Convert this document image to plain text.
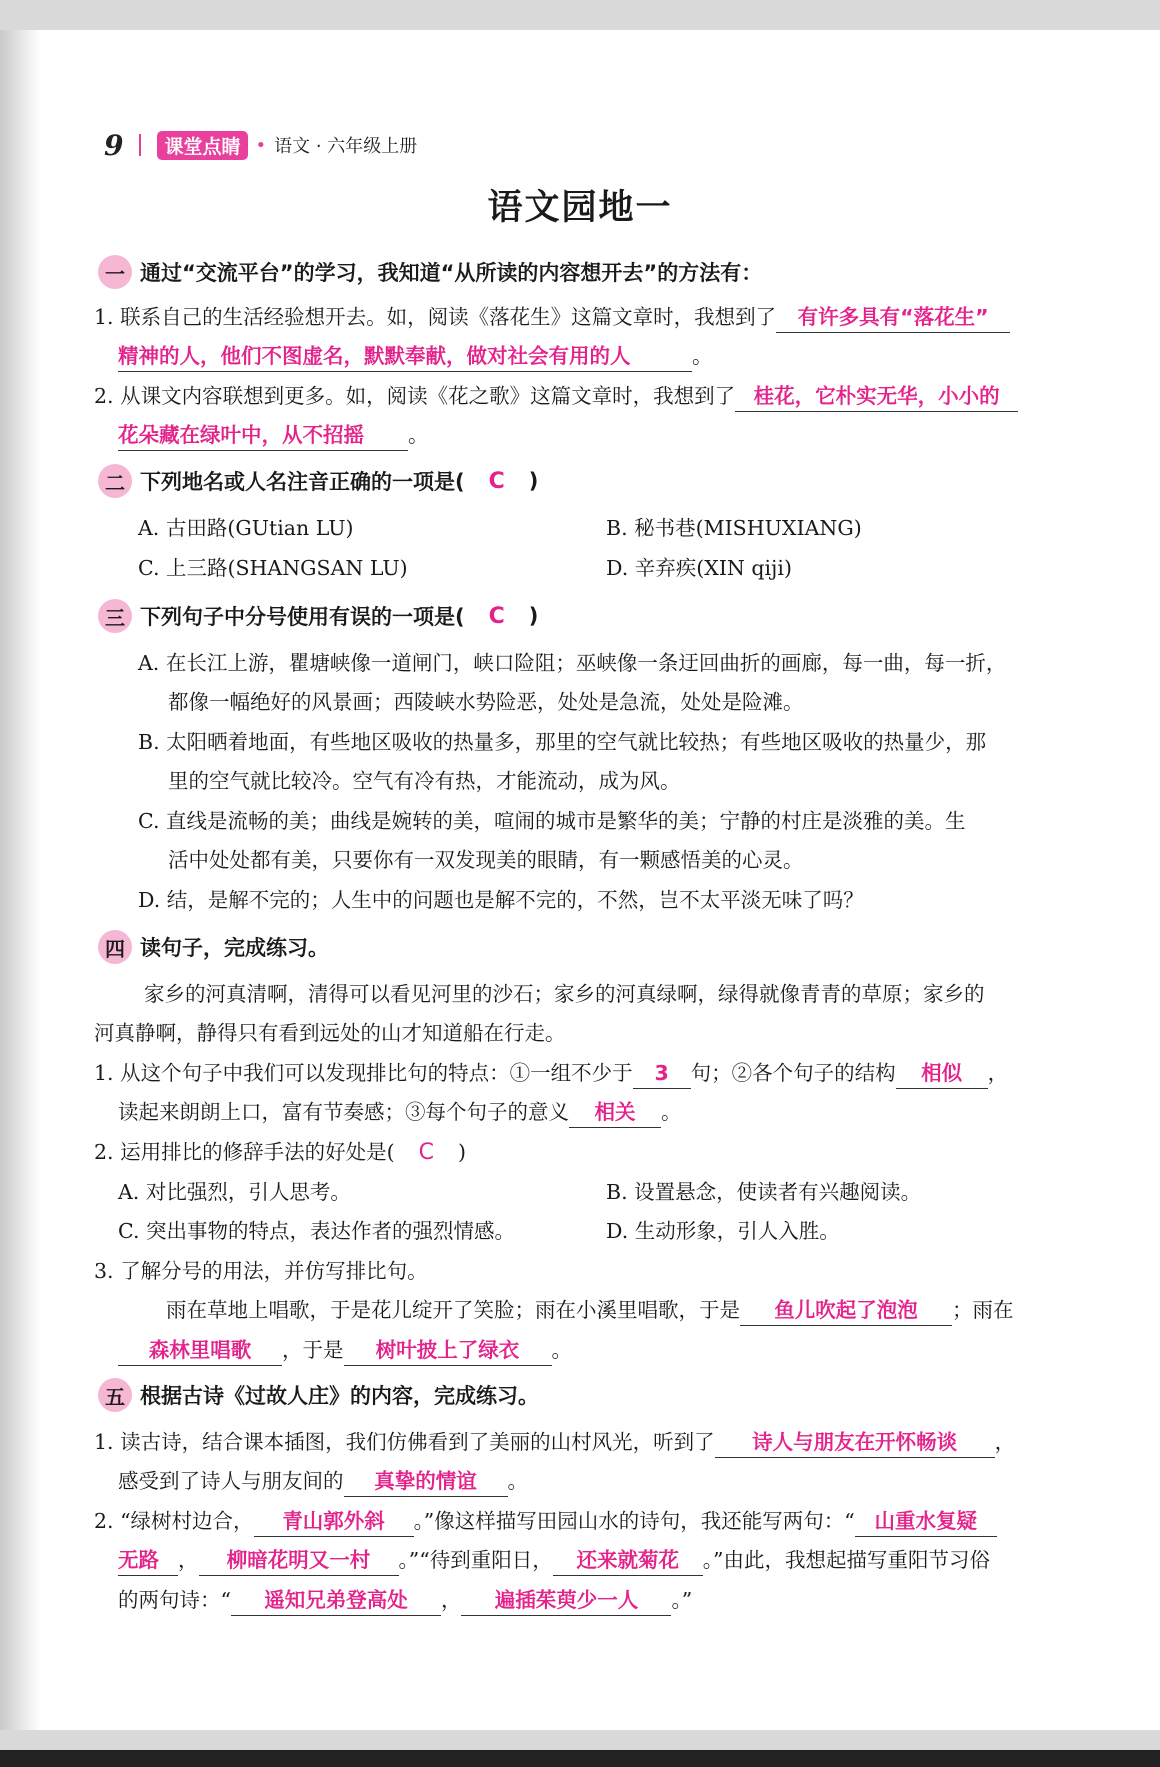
9	课堂点睛 • 语文 · 六年级上册
语文园地一
一 通过“交流平台”的学习，我知道“从所读的内容想开去”的方法有：
1. 联系自己的生活经验想开去。如，阅读《落花生》这篇文章时，我想到了 有许多具有“落花生”
精神的人，他们不图虚名，默默奉献，做对社会有用的人	。
2. 从课文内容联想到更多。如，阅读《花之歌》这篇文章时，我想到了 桂花，它朴实无华，小小的
花朵藏在绿叶中，从不招摇 。
二 下列地名或人名注音正确的一项是( C )
A. 古田路(GUtian LU)	B. 秘书巷(MISHUXIANG)
C. 上三路(SHANGSAN LU)	D. 辛弃疾(XIN qiji)
三 下列句子中分号使用有误的一项是( C )
A. 在长江上游，瞿塘峡像一道闸门，峡口险阻；巫峡像一条迂回曲折的画廊，每一曲，每一折，
都像一幅绝好的风景画；西陵峡水势险恶，处处是急流，处处是险滩。
B. 太阳晒着地面，有些地区吸收的热量多，那里的空气就比较热；有些地区吸收的热量少，那
里的空气就比较冷。空气有冷有热，才能流动，成为风。
C. 直线是流畅的美；曲线是婉转的美，喧闹的城市是繁华的美；宁静的村庄是淡雅的美。生
活中处处都有美，只要你有一双发现美的眼睛，有一颗感悟美的心灵。
D. 结，是解不完的；人生中的问题也是解不完的，不然，岂不太平淡无味了吗？
四 读句子，完成练习。
家乡的河真清啊，清得可以看见河里的沙石；家乡的河真绿啊，绿得就像青青的草原；家乡的
河真静啊，静得只有看到远处的山才知道船在行走。
1. 从这个句子中我们可以发现排比句的特点：①一组不少于 3 句；②各个句子的结构 相似 ，
读起来朗朗上口，富有节奏感；③每个句子的意义 相关 。
2. 运用排比的修辞手法的好处是( C )
A. 对比强烈，引人思考。	B. 设置悬念，使读者有兴趣阅读。
C. 突出事物的特点，表达作者的强烈情感。	D. 生动形象，引人入胜。
3. 了解分号的用法，并仿写排比句。
雨在草地上唱歌，于是花儿绽开了笑脸；雨在小溪里唱歌，于是 鱼儿吹起了泡泡 ；雨在
森林里唱歌 ，于是 树叶披上了绿衣 。
五 根据古诗《过故人庄》的内容，完成练习。
1. 读古诗，结合课本插图，我们仿佛看到了美丽的山村风光，听到了 诗人与朋友在开怀畅谈 ，
感受到了诗人与朋友间的 真挚的情谊 。
2. “绿树村边合， 青山郭外斜 。”像这样描写田园山水的诗句，我还能写两句：“ 山重水复疑
无路 ， 柳暗花明又一村 。”“待到重阳日， 还来就菊花 。”由此，我想起描写重阳节习俗
的两句诗：“ 遥知兄弟登高处 ， 遍插茱萸少一人 。”
